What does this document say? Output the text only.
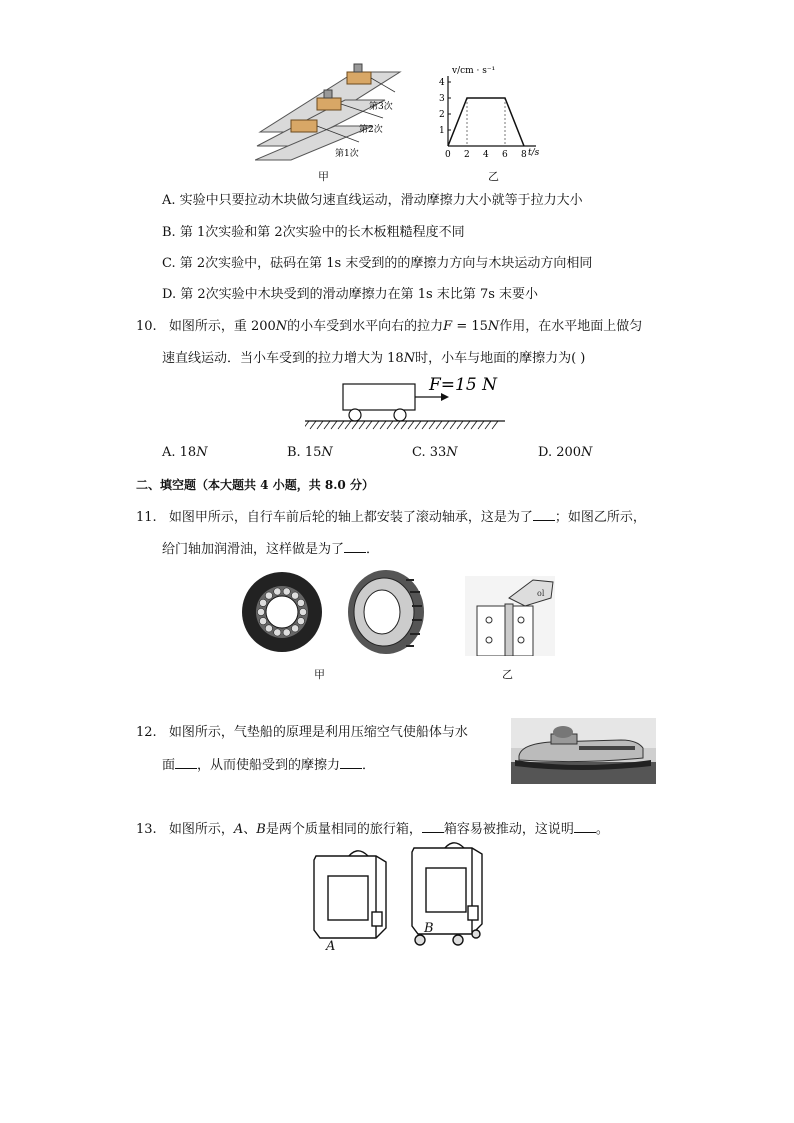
第3次
第2次
第1次
甲
0 2 4 6 8
1
2
3
4
v/cm · s⁻¹
t/s
乙
A. 实验中只要拉动木块做匀速直线运动，滑动摩擦力大小就等于拉力大小
B. 第 1次实验和第 2次实验中的长木板粗糙程度不同
C. 第 2次实验中，砝码在第 1s 末受到的的摩擦力方向与木块运动方向相同
D. 第 2次实验中木块受到的滑动摩擦力在第 1s 末比第 7s 末要小
10. 如图所示，重 200N的小车受到水平向右的拉力F = 15N作用，在水平地面上做匀
速直线运动．当小车受到的拉力增大为 18N时，小车与地面的摩擦力为( )
F=15 N
A. 18N	B. 15N	C. 33N	D. 200N
二、填空题（本大题共 4 小题，共 8.0 分）
11. 如图甲所示，自行车前后轮的轴上都安装了滚动轴承，这是为了 ；如图乙所示，
给门轴加润滑油，这样做是为了 ．
甲
ol
乙
12. 如图所示，气垫船的原理是利用压缩空气使船体与水
面 ，从而使船受到的摩擦力 ．
13. 如图所示，A、B是两个质量相同的旅行箱， 箱容易被推动，这说明 。
A
B
